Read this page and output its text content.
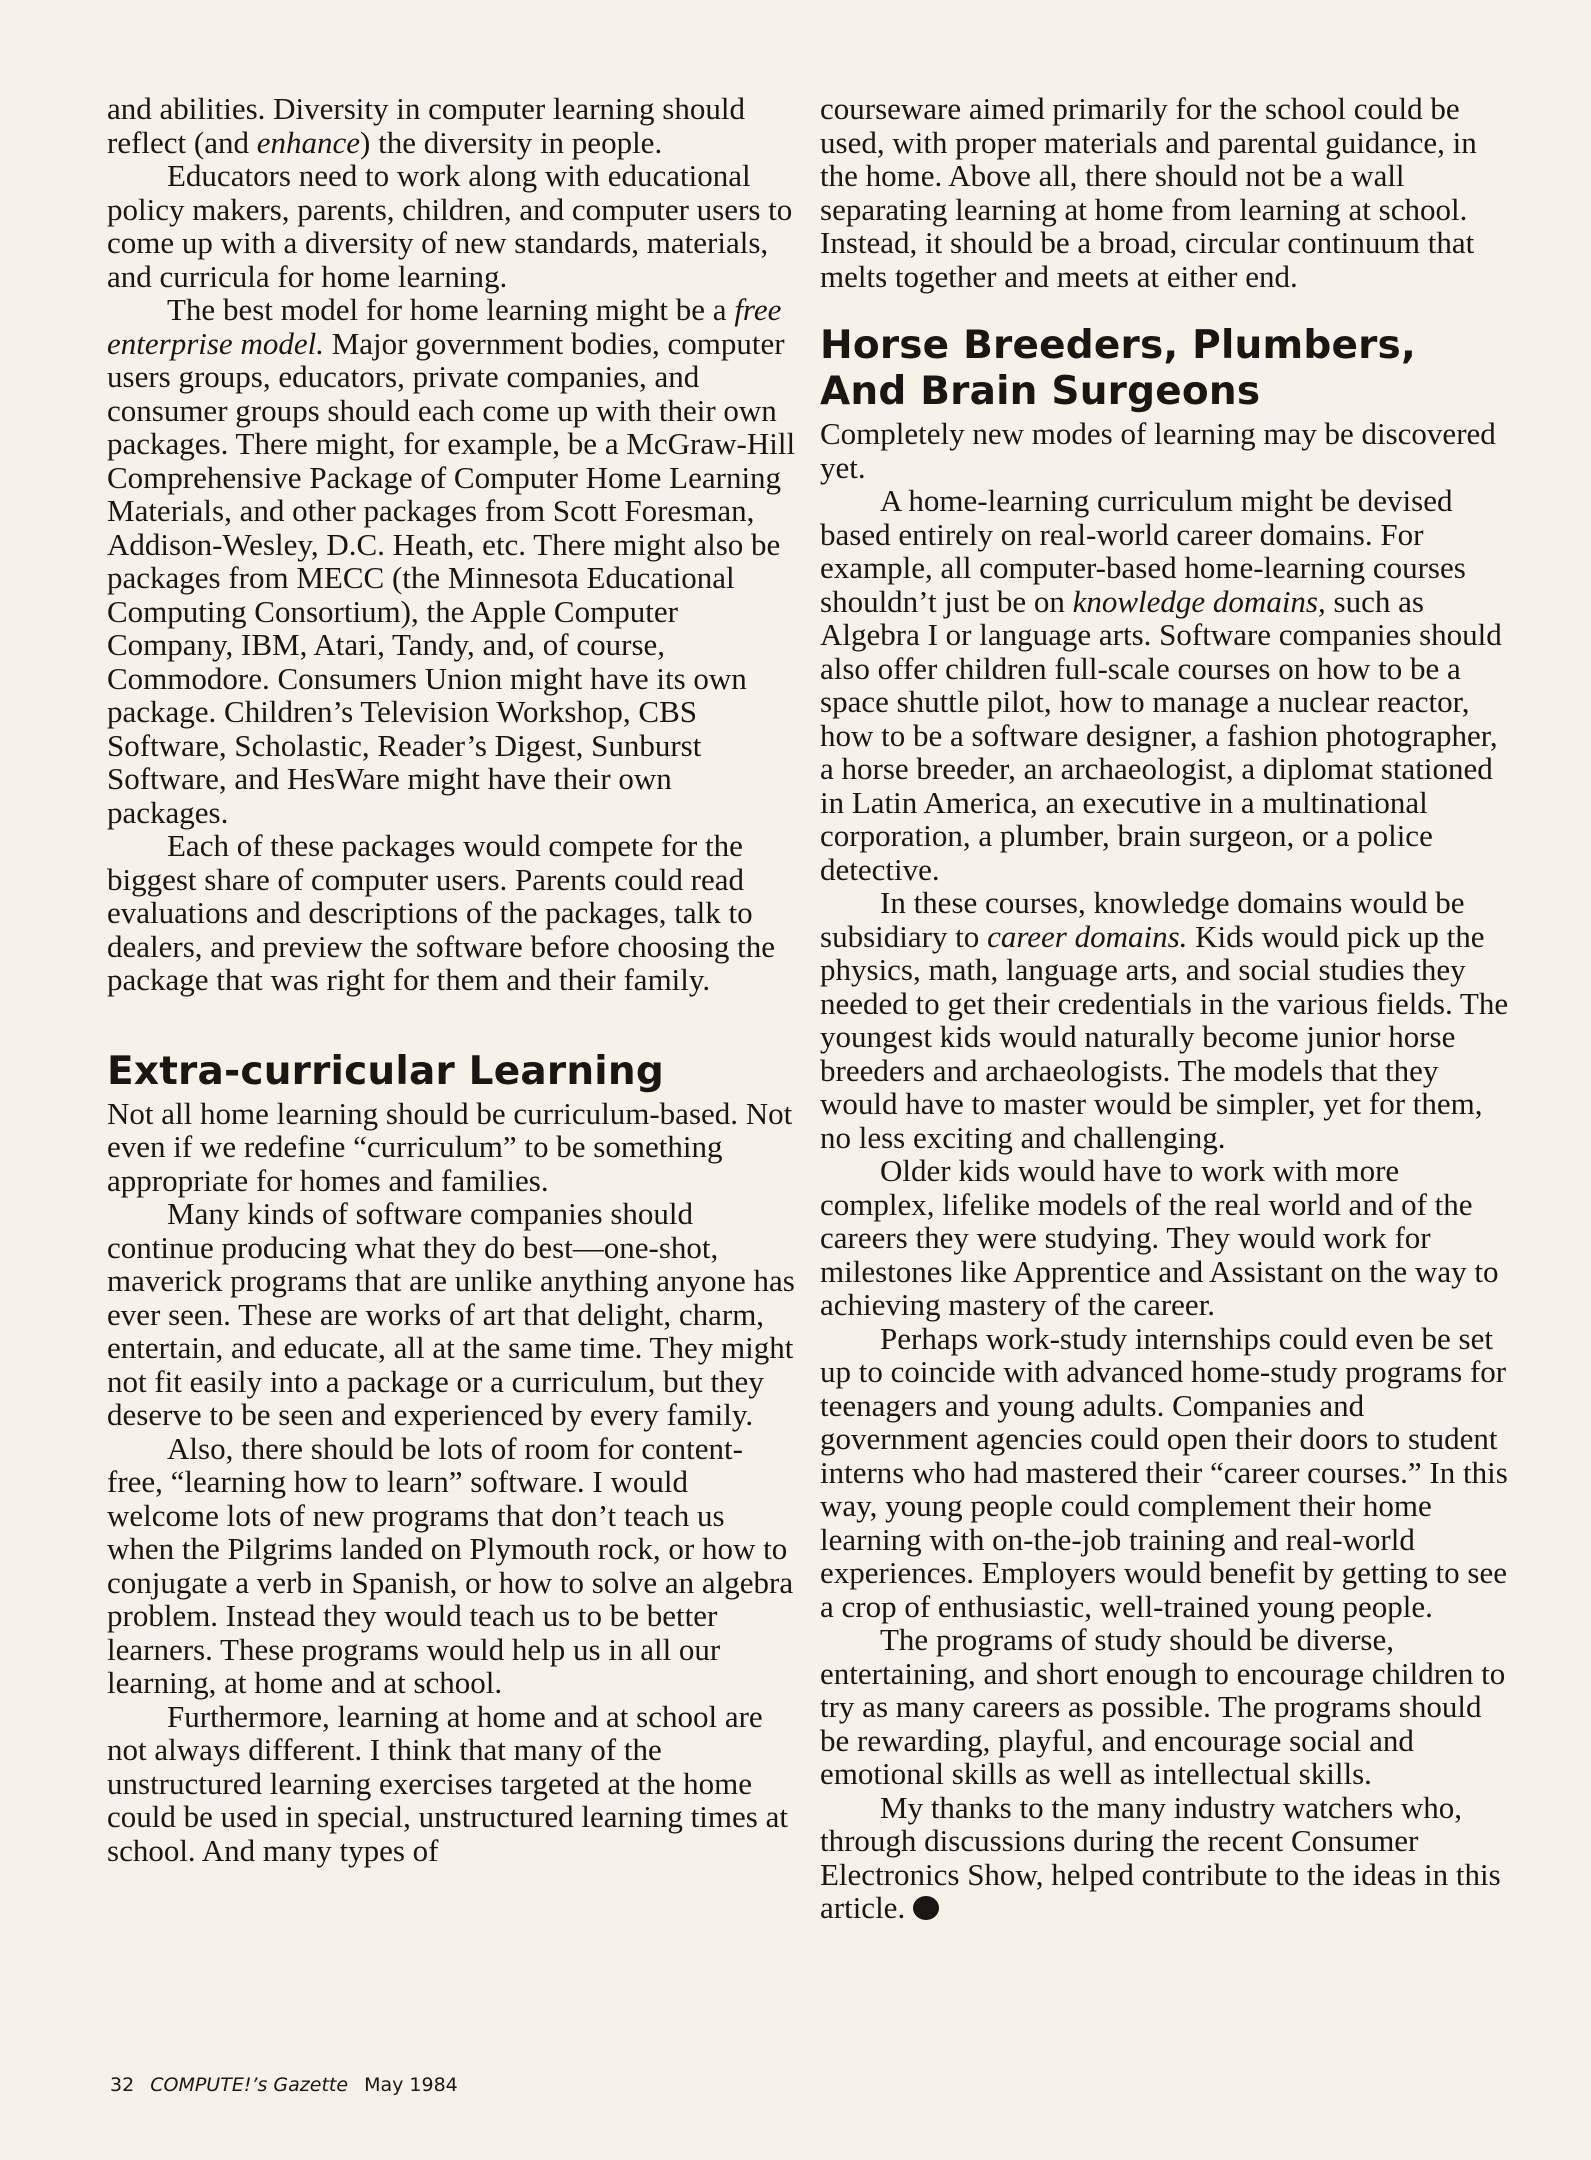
and abilities. Diversity in computer learning should reflect (and enhance) the diversity in people.

Educators need to work along with educational policy makers, parents, children, and computer users to come up with a diversity of new standards, materials, and curricula for home learning.

The best model for home learning might be a free enterprise model. Major government bodies, computer users groups, educators, private companies, and consumer groups should each come up with their own packages. There might, for example, be a McGraw-Hill Comprehensive Package of Computer Home Learning Materials, and other packages from Scott Foresman, Addison-Wesley, D.C. Heath, etc. There might also be packages from MECC (the Minnesota Educational Computing Consortium), the Apple Computer Company, IBM, Atari, Tandy, and, of course, Commodore. Consumers Union might have its own package. Children’s Television Workshop, CBS Software, Scholastic, Reader’s Digest, Sunburst Software, and HesWare might have their own packages.

Each of these packages would compete for the biggest share of computer users. Parents could read evaluations and descriptions of the packages, talk to dealers, and preview the software before choosing the package that was right for them and their family.

Extra-curricular Learning

Not all home learning should be curriculum-based. Not even if we redefine “curriculum” to be something appropriate for homes and families.

Many kinds of software companies should continue producing what they do best—one-shot, maverick programs that are unlike anything anyone has ever seen. These are works of art that delight, charm, entertain, and educate, all at the same time. They might not fit easily into a package or a curriculum, but they deserve to be seen and experienced by every family.

Also, there should be lots of room for content-free, “learning how to learn” software. I would welcome lots of new programs that don’t teach us when the Pilgrims landed on Plymouth rock, or how to conjugate a verb in Spanish, or how to solve an algebra problem. Instead they would teach us to be better learners. These programs would help us in all our learning, at home and at school.

Furthermore, learning at home and at school are not always different. I think that many of the unstructured learning exercises targeted at the home could be used in special, unstructured learning times at school. And many types of

courseware aimed primarily for the school could be used, with proper materials and parental guidance, in the home. Above all, there should not be a wall separating learning at home from learning at school. Instead, it should be a broad, circular continuum that melts together and meets at either end.

Horse Breeders, Plumbers, And Brain Surgeons

Completely new modes of learning may be discovered yet.

A home-learning curriculum might be devised based entirely on real-world career domains. For example, all computer-based home-learning courses shouldn’t just be on knowledge domains, such as Algebra I or language arts. Software companies should also offer children full-scale courses on how to be a space shuttle pilot, how to manage a nuclear reactor, how to be a software designer, a fashion photographer, a horse breeder, an archaeologist, a diplomat stationed in Latin America, an executive in a multinational corporation, a plumber, brain surgeon, or a police detective.

In these courses, knowledge domains would be subsidiary to career domains. Kids would pick up the physics, math, language arts, and social studies they needed to get their credentials in the various fields. The youngest kids would naturally become junior horse breeders and archaeologists. The models that they would have to master would be simpler, yet for them, no less exciting and challenging.

Older kids would have to work with more complex, lifelike models of the real world and of the careers they were studying. They would work for milestones like Apprentice and Assistant on the way to achieving mastery of the career.

Perhaps work-study internships could even be set up to coincide with advanced home-study programs for teenagers and young adults. Companies and government agencies could open their doors to student interns who had mastered their “career courses.” In this way, young people could complement their home learning with on-the-job training and real-world experiences. Employers would benefit by getting to see a crop of enthusiastic, well-trained young people.

The programs of study should be diverse, entertaining, and short enough to encourage children to try as many careers as possible. The programs should be rewarding, playful, and encourage social and emotional skills as well as intellectual skills.

My thanks to the many industry watchers who, through discussions during the recent Consumer Electronics Show, helped contribute to the ideas in this article.

32 COMPUTE!’s Gazette May 1984
